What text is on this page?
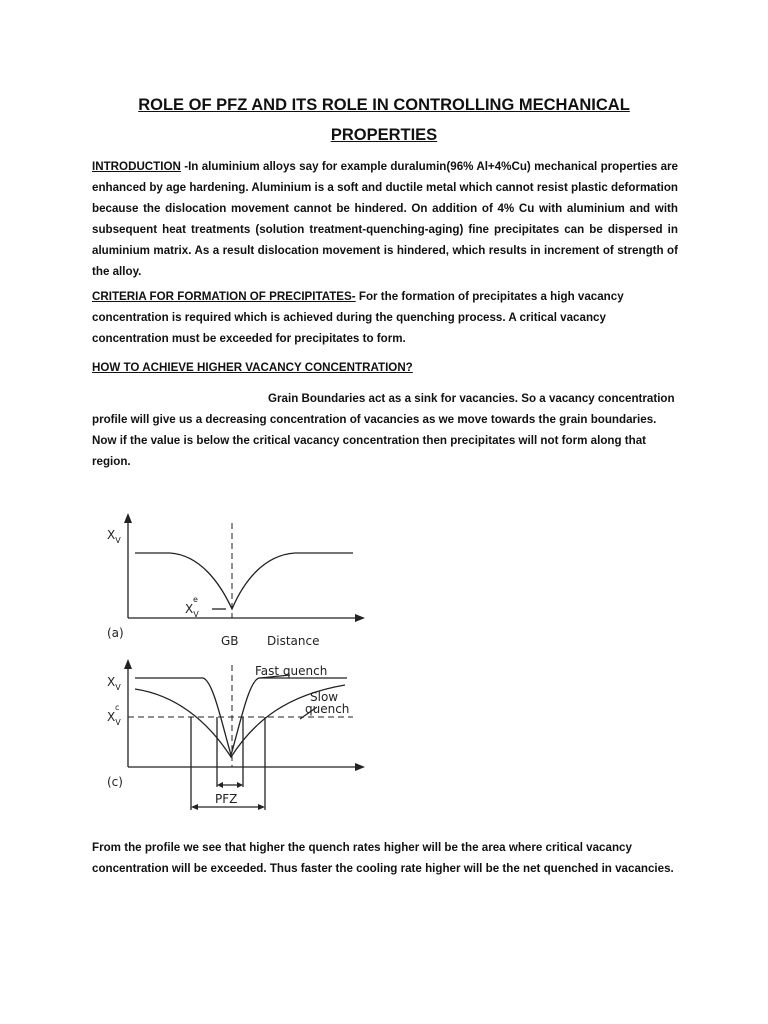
ROLE OF PFZ AND ITS ROLE IN CONTROLLING MECHANICAL PROPERTIES
INTRODUCTION -In aluminium alloys say for example duralumin(96% Al+4%Cu) mechanical properties are enhanced by age hardening. Aluminium is a soft and ductile metal which cannot resist plastic deformation because the dislocation movement cannot be hindered. On addition of 4% Cu with aluminium and with subsequent heat treatments (solution treatment-quenching-aging) fine precipitates can be dispersed in aluminium matrix. As a result dislocation movement is hindered, which results in increment of strength of the alloy.
CRITERIA FOR FORMATION OF PRECIPITATES- For the formation of precipitates a high vacancy concentration is required which is achieved during the quenching process. A critical vacancy concentration must be exceeded for precipitates to form.
HOW TO ACHIEVE HIGHER VACANCY CONCENTRATION?
Grain Boundaries act as a sink for vacancies. So a vacancy concentration profile will give us a decreasing concentration of vacancies as we move towards the grain boundaries. Now if the value is below the critical vacancy concentration then precipitates will not form along that region.
$X_V$
$X_V$
e
(a)
GB Distance
$X_V$
$X_V$
c
Fast quench
Slow
quench
(c)
PFZ
From the profile we see that higher the quench rates higher will be the area where critical vacancy concentration will be exceeded. Thus faster the cooling rate higher will be the net quenched in vacancies.
